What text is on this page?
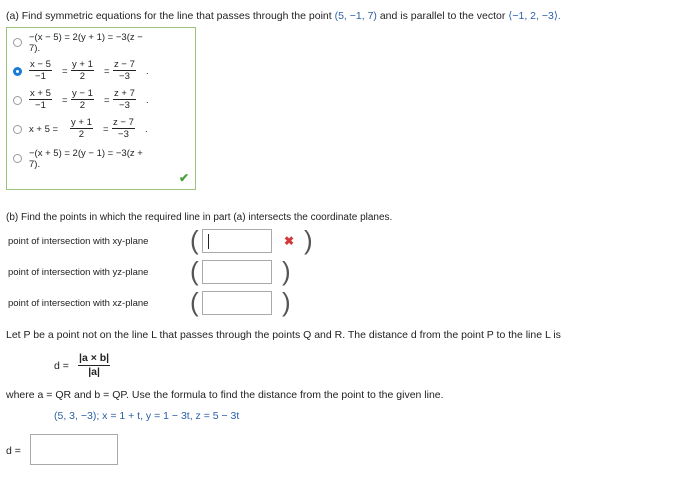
(a) Find symmetric equations for the line that passes through the point (5, −1, 7) and is parallel to the vector ⟨−1, 2, −3⟩.
−(x − 5) = 2(y + 1) = −3(z −
7).
$\frac{x - 5}{-1} = \frac{y + 1}{2} = \frac{z - 7}{-3}$ .
$\frac{x + 5}{-1} = \frac{y - 1}{2} = \frac{z + 7}{-3}$ .
$x + 5 = \frac{y + 1}{2} = \frac{z - 7}{-3}$ .
−(x + 5) = 2(y − 1) = −3(z +
7).
✔
(b) Find the points in which the required line in part (a) intersects the coordinate planes.
point of intersection with xy-plane (	✖ )
point of intersection with yz-plane (	)
point of intersection with xz-plane (	)
Let P be a point not on the line L that passes through the points Q and R. The distance d from the point P to the line L is
$d = \frac{|a \times b|}{|a|}$
where a = QR and b = QP. Use the formula to find the distance from the point to the given line.
(5, 3, −3); x = 1 + t, y = 1 − 3t, z = 5 − 3t
d =
